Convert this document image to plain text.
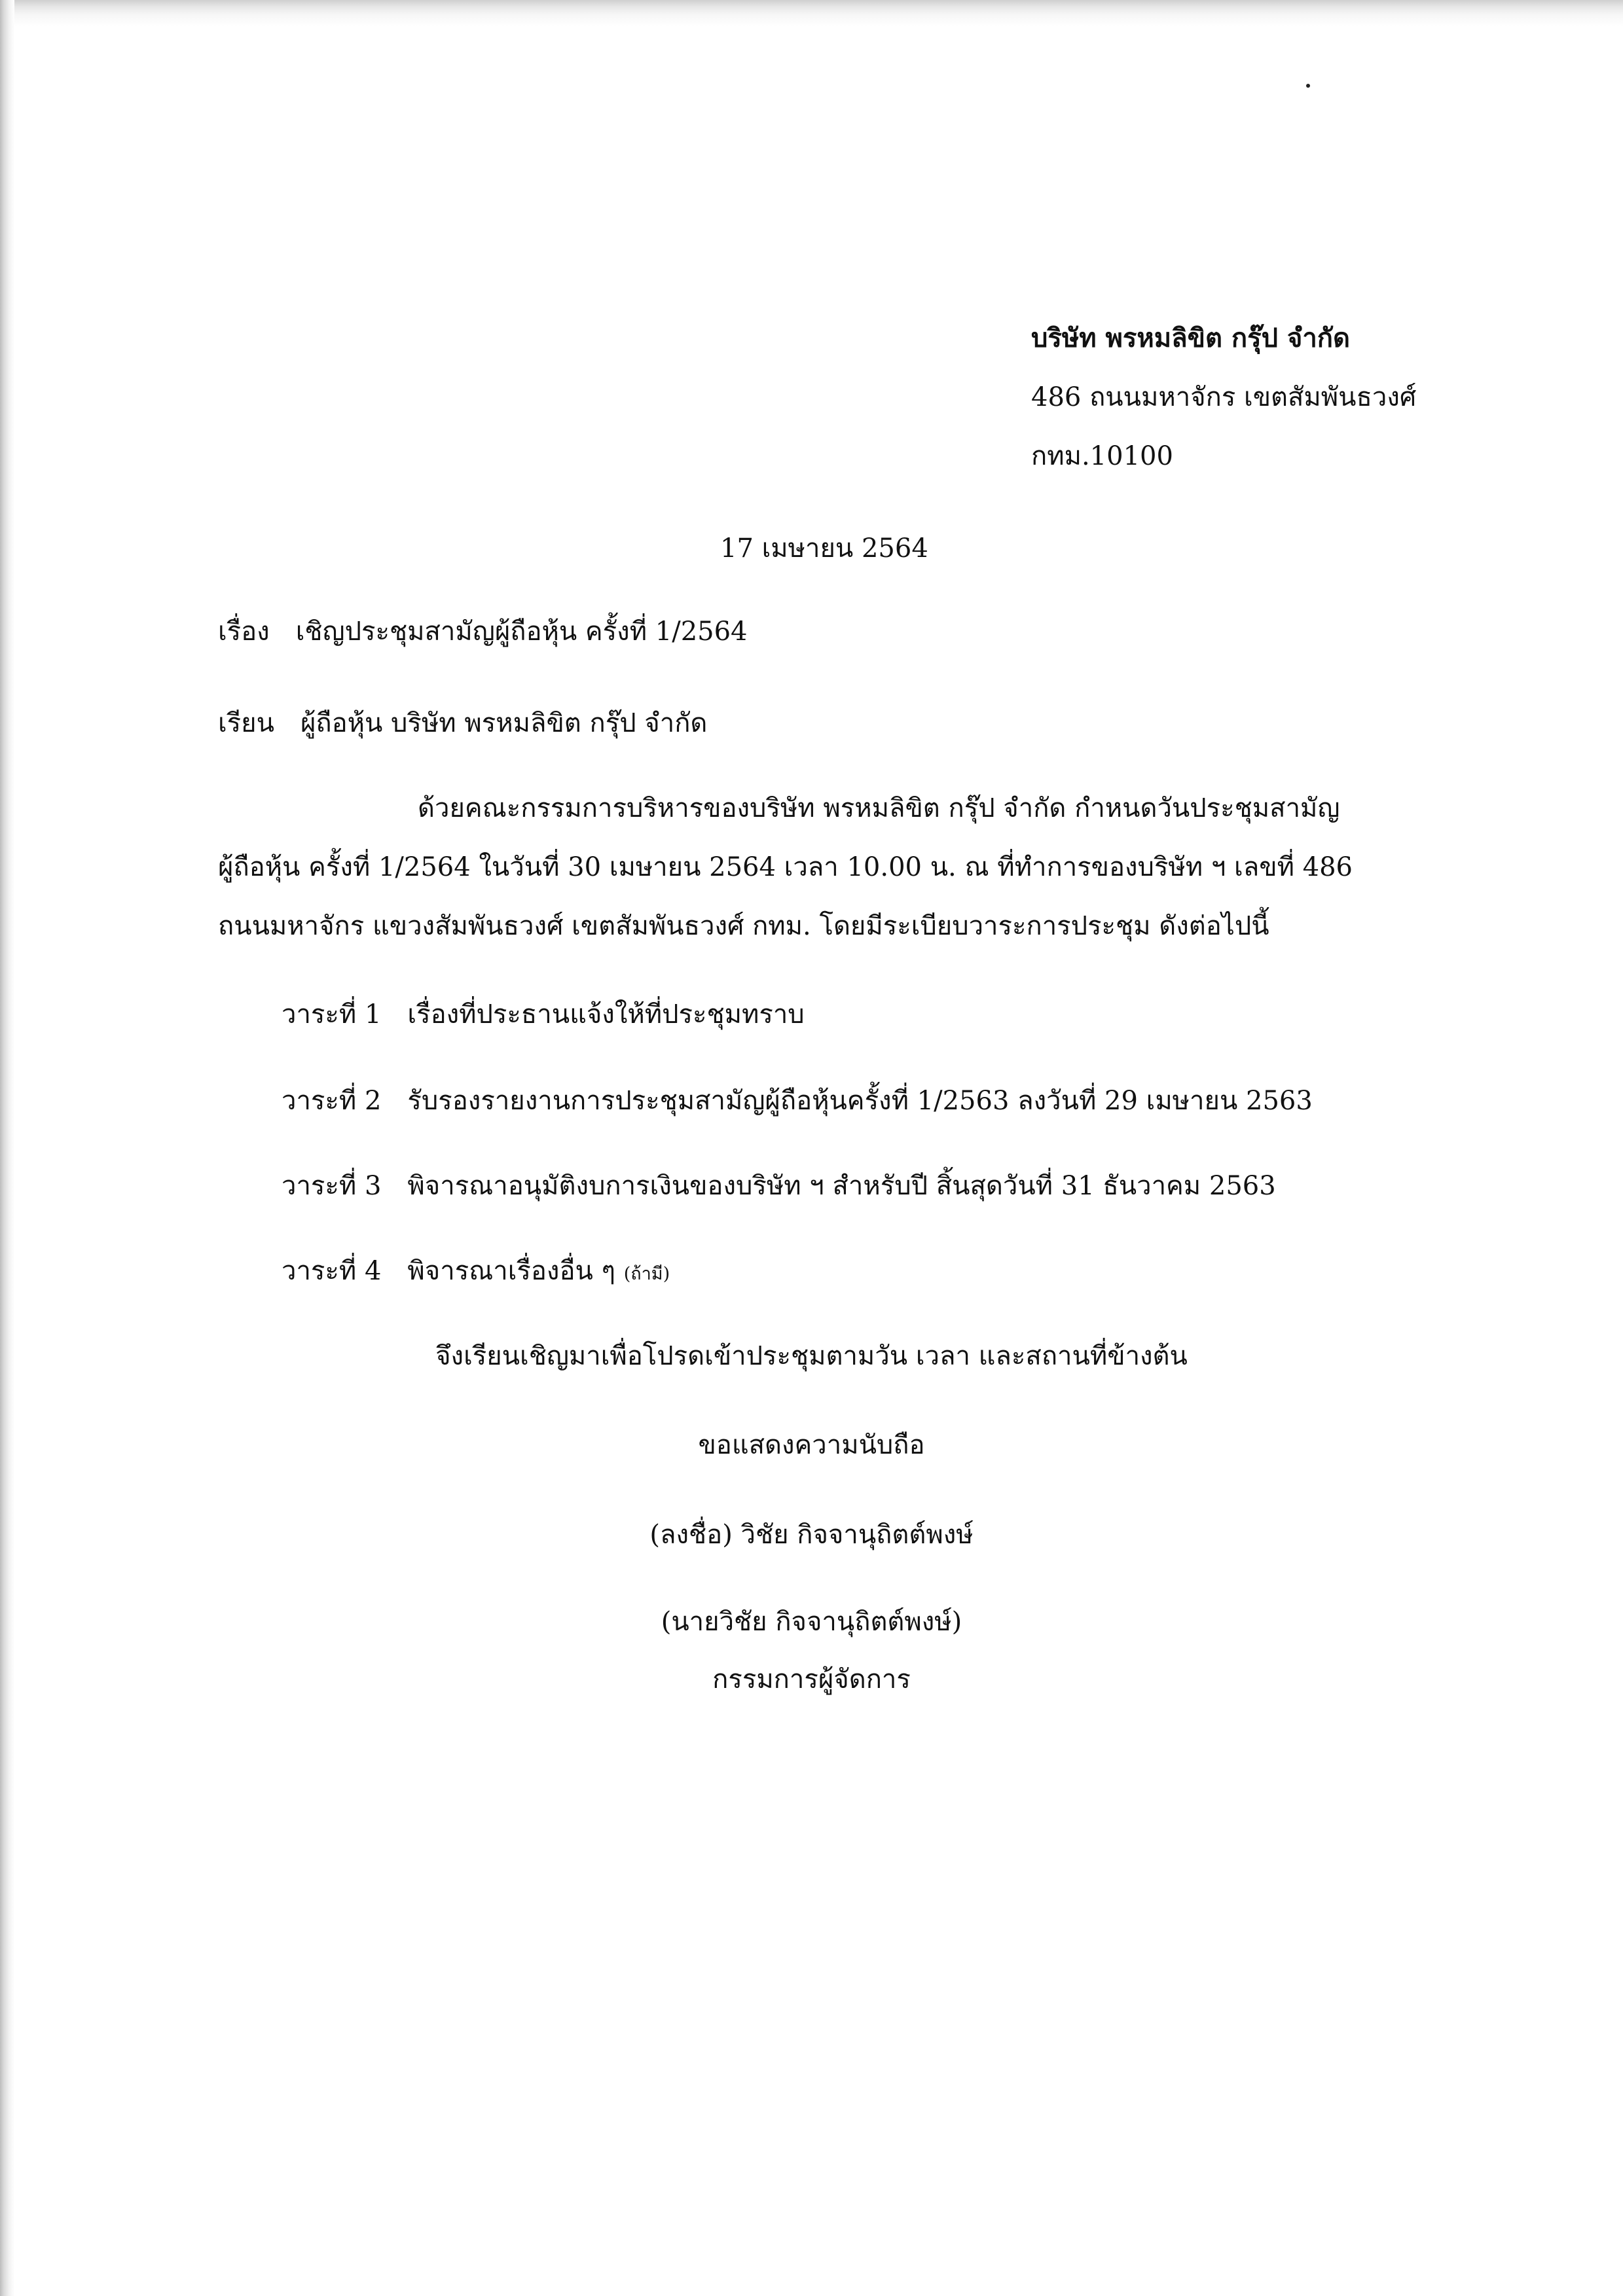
บริษัท พรหมลิขิต กรุ๊ป จำกัด
486 ถนนมหาจักร เขตสัมพันธวงศ์
กทม.10100
17 เมษายน 2564
เรื่อง เชิญประชุมสามัญผู้ถือหุ้น ครั้งที่ 1/2564
เรียน ผู้ถือหุ้น บริษัท พรหมลิขิต กรุ๊ป จำกัด
ด้วยคณะกรรมการบริหารของบริษัท พรหมลิขิต กรุ๊ป จำกัด กำหนดวันประชุมสามัญ
ผู้ถือหุ้น ครั้งที่ 1/2564 ในวันที่ 30 เมษายน 2564 เวลา 10.00 น. ณ ที่ทำการของบริษัท ฯ เลขที่ 486
ถนนมหาจักร แขวงสัมพันธวงศ์ เขตสัมพันธวงศ์ กทม. โดยมีระเบียบวาระการประชุม ดังต่อไปนี้
วาระที่ 1 เรื่องที่ประธานแจ้งให้ที่ประชุมทราบ
วาระที่ 2 รับรองรายงานการประชุมสามัญผู้ถือหุ้นครั้งที่ 1/2563 ลงวันที่ 29 เมษายน 2563
วาระที่ 3 พิจารณาอนุมัติงบการเงินของบริษัท ฯ สำหรับปี สิ้นสุดวันที่ 31 ธันวาคม 2563
วาระที่ 4 พิจารณาเรื่องอื่น ๆ (ถ้ามี)
จึงเรียนเชิญมาเพื่อโปรดเข้าประชุมตามวัน เวลา และสถานที่ข้างต้น
ขอแสดงความนับถือ
(ลงชื่อ) วิชัย กิจจานุถิตต์พงษ์
(นายวิชัย กิจจานุถิตต์พงษ์)
กรรมการผู้จัดการ
